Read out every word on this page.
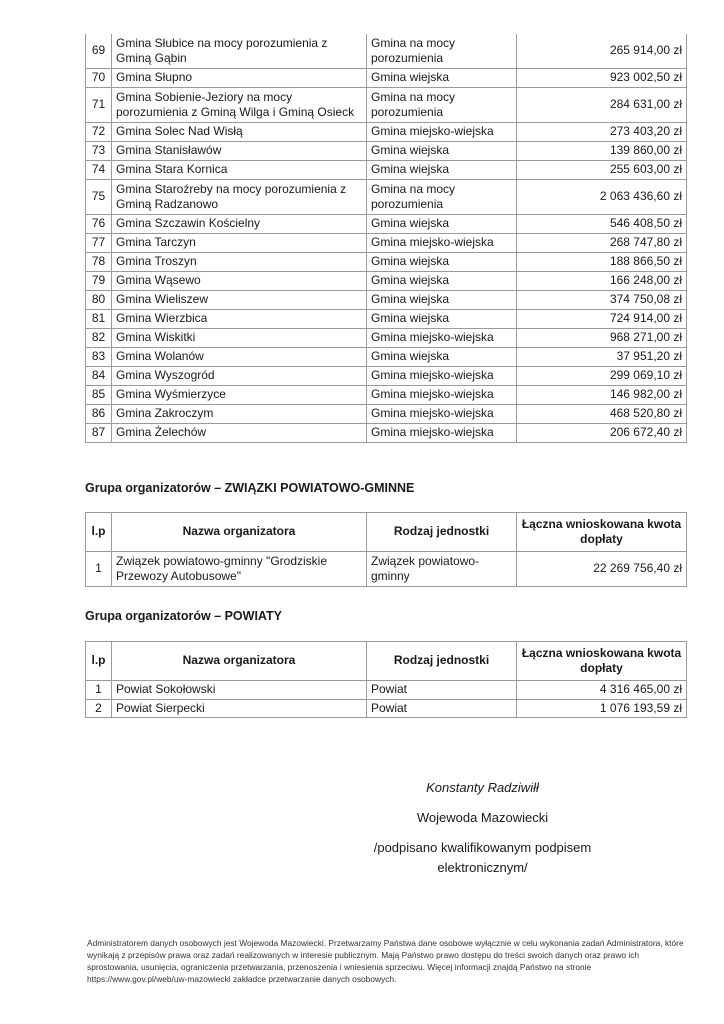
69	Gmina Słubice na mocy porozumienia z Gminą Gąbin	Gmina na mocy porozumienia	265 914,00 zł
70	Gmina Słupno	Gmina wiejska	923 002,50 zł
71	Gmina Sobienie-Jeziory na mocy porozumienia z Gminą Wilga i Gminą Osieck	Gmina na mocy porozumienia	284 631,00 zł
72	Gmina Solec Nad Wisłą	Gmina miejsko-wiejska	273 403,20 zł
73	Gmina Stanisławów	Gmina wiejska	139 860,00 zł
74	Gmina Stara Kornica	Gmina wiejska	255 603,00 zł
75	Gmina Staroźreby na mocy porozumienia z Gminą Radzanowo	Gmina na mocy porozumienia	2 063 436,60 zł
76	Gmina Szczawin Kościelny	Gmina wiejska	546 408,50 zł
77	Gmina Tarczyn	Gmina miejsko-wiejska	268 747,80 zł
78	Gmina Troszyn	Gmina wiejska	188 866,50 zł
79	Gmina Wąsewo	Gmina wiejska	166 248,00 zł
80	Gmina Wieliszew	Gmina wiejska	374 750,08 zł
81	Gmina Wierzbica	Gmina wiejska	724 914,00 zł
82	Gmina Wiskitki	Gmina miejsko-wiejska	968 271,00 zł
83	Gmina Wolanów	Gmina wiejska	37 951,20 zł
84	Gmina Wyszogród	Gmina miejsko-wiejska	299 069,10 zł
85	Gmina Wyśmierzyce	Gmina miejsko-wiejska	146 982,00 zł
86	Gmina Zakroczym	Gmina miejsko-wiejska	468 520,80 zł
87	Gmina Żelechów	Gmina miejsko-wiejska	206 672,40 zł
Grupa organizatorów – ZWIĄZKI POWIATOWO-GMINNE
l.p	Nazwa organizatora	Rodzaj jednostki	Łączna wnioskowana kwota dopłaty
1	Związek powiatowo-gminny "Grodziskie Przewozy Autobusowe"	Związek powiatowo-gminny	22 269 756,40 zł
Grupa organizatorów – POWIATY
l.p	Nazwa organizatora	Rodzaj jednostki	Łączna wnioskowana kwota dopłaty
1	Powiat Sokołowski	Powiat	4 316 465,00 zł
2	Powiat Sierpecki	Powiat	1 076 193,59 zł
Konstanty Radziwiłł
Wojewoda Mazowiecki
/podpisano kwalifikowanym podpisem elektronicznym/
Administratorem danych osobowych jest Wojewoda Mazowiecki. Przetwarzamy Państwa dane osobowe wyłącznie w celu wykonania zadań Administratora, które wynikają z przepisów prawa oraz zadań realizowanych w interesie publicznym. Mają Państwo prawo dostępu do treści swoich danych oraz prawo ich sprostowania, usunięcia, ograniczenia przetwarzania, przenoszenia i wniesienia sprzeciwu. Więcej informacji znajdą Państwo na stronie https://www.gov.pl/web/uw-mazowiecki zakładce przetwarzanie danych osobowych.
